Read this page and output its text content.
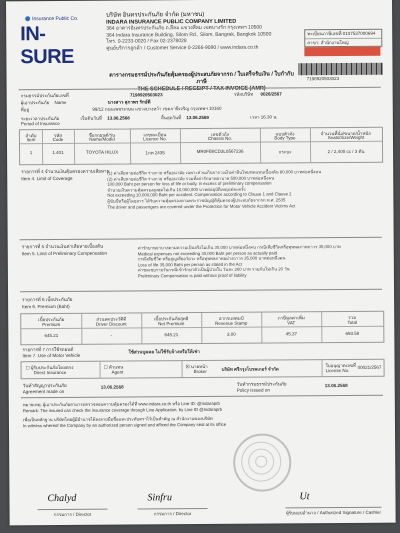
Insurance Public Co.
IN-SURE
บริษัท อินทรประกันภัย จำกัด (มหาชน)
INDARA INSURANCE PUBLIC COMPANY LIMITED
364 อาคารอินทรประกันภัย ถ.สีลม แขวงสีลม เขตบางรัก กรุงเทพฯ 10500
364 Indara Insurance Building, Silom Rd., Silom, Bangrak, Bangkok 10500
โทร. 0-2233-0020 / Fax 02-2378028
ศูนย์บริการลูกค้า / Customer Service 0-2266-9090 / www.indara.co.th
ทะเบียนภาษีเลขที่ 0107537000694
สาขา: สำนักงานใหญ่
7198920503023
ตารางกรมธรรม์ประกันภัยคุ้มครองผู้ประสบภัยจากรถ / ใบเสร็จรับเงิน / ใบกำกับภาษี
THE SCHEDULE / RECEIPT / TAX INVOICE (AMR)
กรมธรรม์ประกันภัยเลขที่	7198920503023	รหัสบริษัท 0026/2567
ผู้เอาประกันภัย Name	นางสาว สุภาพร รักษ์ดี
ที่อยู่	99/12 ถนนเพชรเกษม แขวงบางหว้า เขตภาษีเจริญ กรุงเทพฯ 10160
ระยะเวลาประกันภัย	เริ่มต้นวันที่ 13.06.2568	สิ้นสุดวันที่ 13.06.2569	เวลา 16.30 น.
Period of Insurance
ลำดับ	รหัส	ชื่อรถยนต์/รุ่น	เลขทะเบียน	เลขตัวถัง	แบบตัวถัง	จำนวนที่นั่ง/ขนาด/น้ำหนัก
Item	Code	Name/Model	Licence No.	Chassis No.	Body Type	Seats/Size/Weight
1	1.401	TOYOTA HILUX	1กท 2435	MR0FB8CD3L0567236	กระบะ	2 / 2,400 cc / 3 ตัน
รายการที่ 4 จำนวนเงินคุ้มครองความเสียหาย
Item 4. Limit of Coverage
(1) ค่าเสียหายต่อชีวิต ร่างกาย หรืออนามัย เฉพาะส่วนเกินจากวงเงินค่าสินไหมทดแทนเบื้องต้น 80,000 บาทต่อหนึ่งคน
(2) ค่าเสียหายต่อชีวิต ร่างกาย หรืออนามัย รวมทั้งค่ารักษาพยาบาล 500,000 บาทต่อหนึ่งคน
100,000 Baht per person for loss of life or body, in excess of preliminary compensation
จำนวนเงินความคุ้มครองสูงสุดไม่เกิน 10,000,000 บาทต่ออุบัติเหตุแต่ละครั้ง
Not exceeding 10,000,000 Baht per accident. Compensation according to Clause 1 and Clause 2
ผู้ขับขี่หรือผู้โดยสาร ได้รับความคุ้มครองตามพระราชบัญญัติคุ้มครองผู้ประสบภัยจากรถ พ.ศ. 2535
The driver and passengers are covered under the Protection for Motor Vehicle Accident Victims Act
รายการที่ 5 จำนวนเงินค่าเสียหายเบื้องต้น
Item 5. Limit of Preliminary Compensation
ค่ารักษาพยาบาลตามความเป็นจริงไม่เกิน 30,000 บาทต่อหนึ่งคน กรณีเสียชีวิตหรือทุพพลภาพถาวร 35,000 บาท
Medical expenses not exceeding 30,000 Baht per person as actually paid
กรณีเสียชีวิต หรือสูญเสียอวัยวะ หรือทุพพลภาพอย่างถาวร 35,000 บาทต่อหนึ่งคน
Loss of life 35,000 Baht per person as stated in the Act
ค่าชดเชยรายวันกรณีเข้ารักษาตัวเป็นผู้ป่วยใน วันละ 200 บาท รวมกันไม่เกิน 20 วัน
Preliminary Compensation is paid without proof of liability
รายการที่ 6 เบี้ยประกันภัย
Item 6. Premium (Baht)
เบี้ยประกันภัย	ส่วนลดประวัติดี	เบี้ยประกันภัยสุทธิ	อากรแสตมป์	ภาษีมูลค่าเพิ่ม	รวม
Premium	Driver Discount	Net Premium	Revenue Stamp	VAT	Total
645.21	-	645.21	3.00	45.37	693.58
รายการที่ 7 การใช้รถยนต์
Item 7. Use of Motor Vehicle
ใช้ส่วนบุคคล ไม่ใช้รับจ้างหรือให้เช่า
☐ ผู้รับประกันภัยโดยตรง
Direct Insurance
☐ ตัวแทน
Agent
☒ นายหน้า
Broker	บริษัท ศรีกรุงโบรคเกอร์ จำกัด
ใบอนุญาตเลขที่
License No.
00021/2567
วันทำสัญญาประกันภัย
Agreement made on
13.06.2568
วันทำกรมธรรม์ประกันภัย
Policy issued on
13.06.2568
หมายเหตุ: ผู้เอาประกันภัยสามารถตรวจสอบความคุ้มครองได้ที่ www.indara.co.th หรือ Line ID: @Indaraprb
Remark: The insured can check the insurance coverage through Line Application, by Line ID @Indaraprb
เพื่อเป็นหลักฐาน บริษัทโดยผู้มีอำนาจได้ลงลายมือชื่อและประทับตราไว้เป็นสำคัญ ณ สำนักงานของบริษัท
In witness whereof the Company by an authorized person signed and affixed the Company seal at its office
Chalyd
กรรมการ / Director
Sinfru
กรรมการ / Director
Ut
ผู้รับมอบอำนาจ / Authorized Signature / Cashier
